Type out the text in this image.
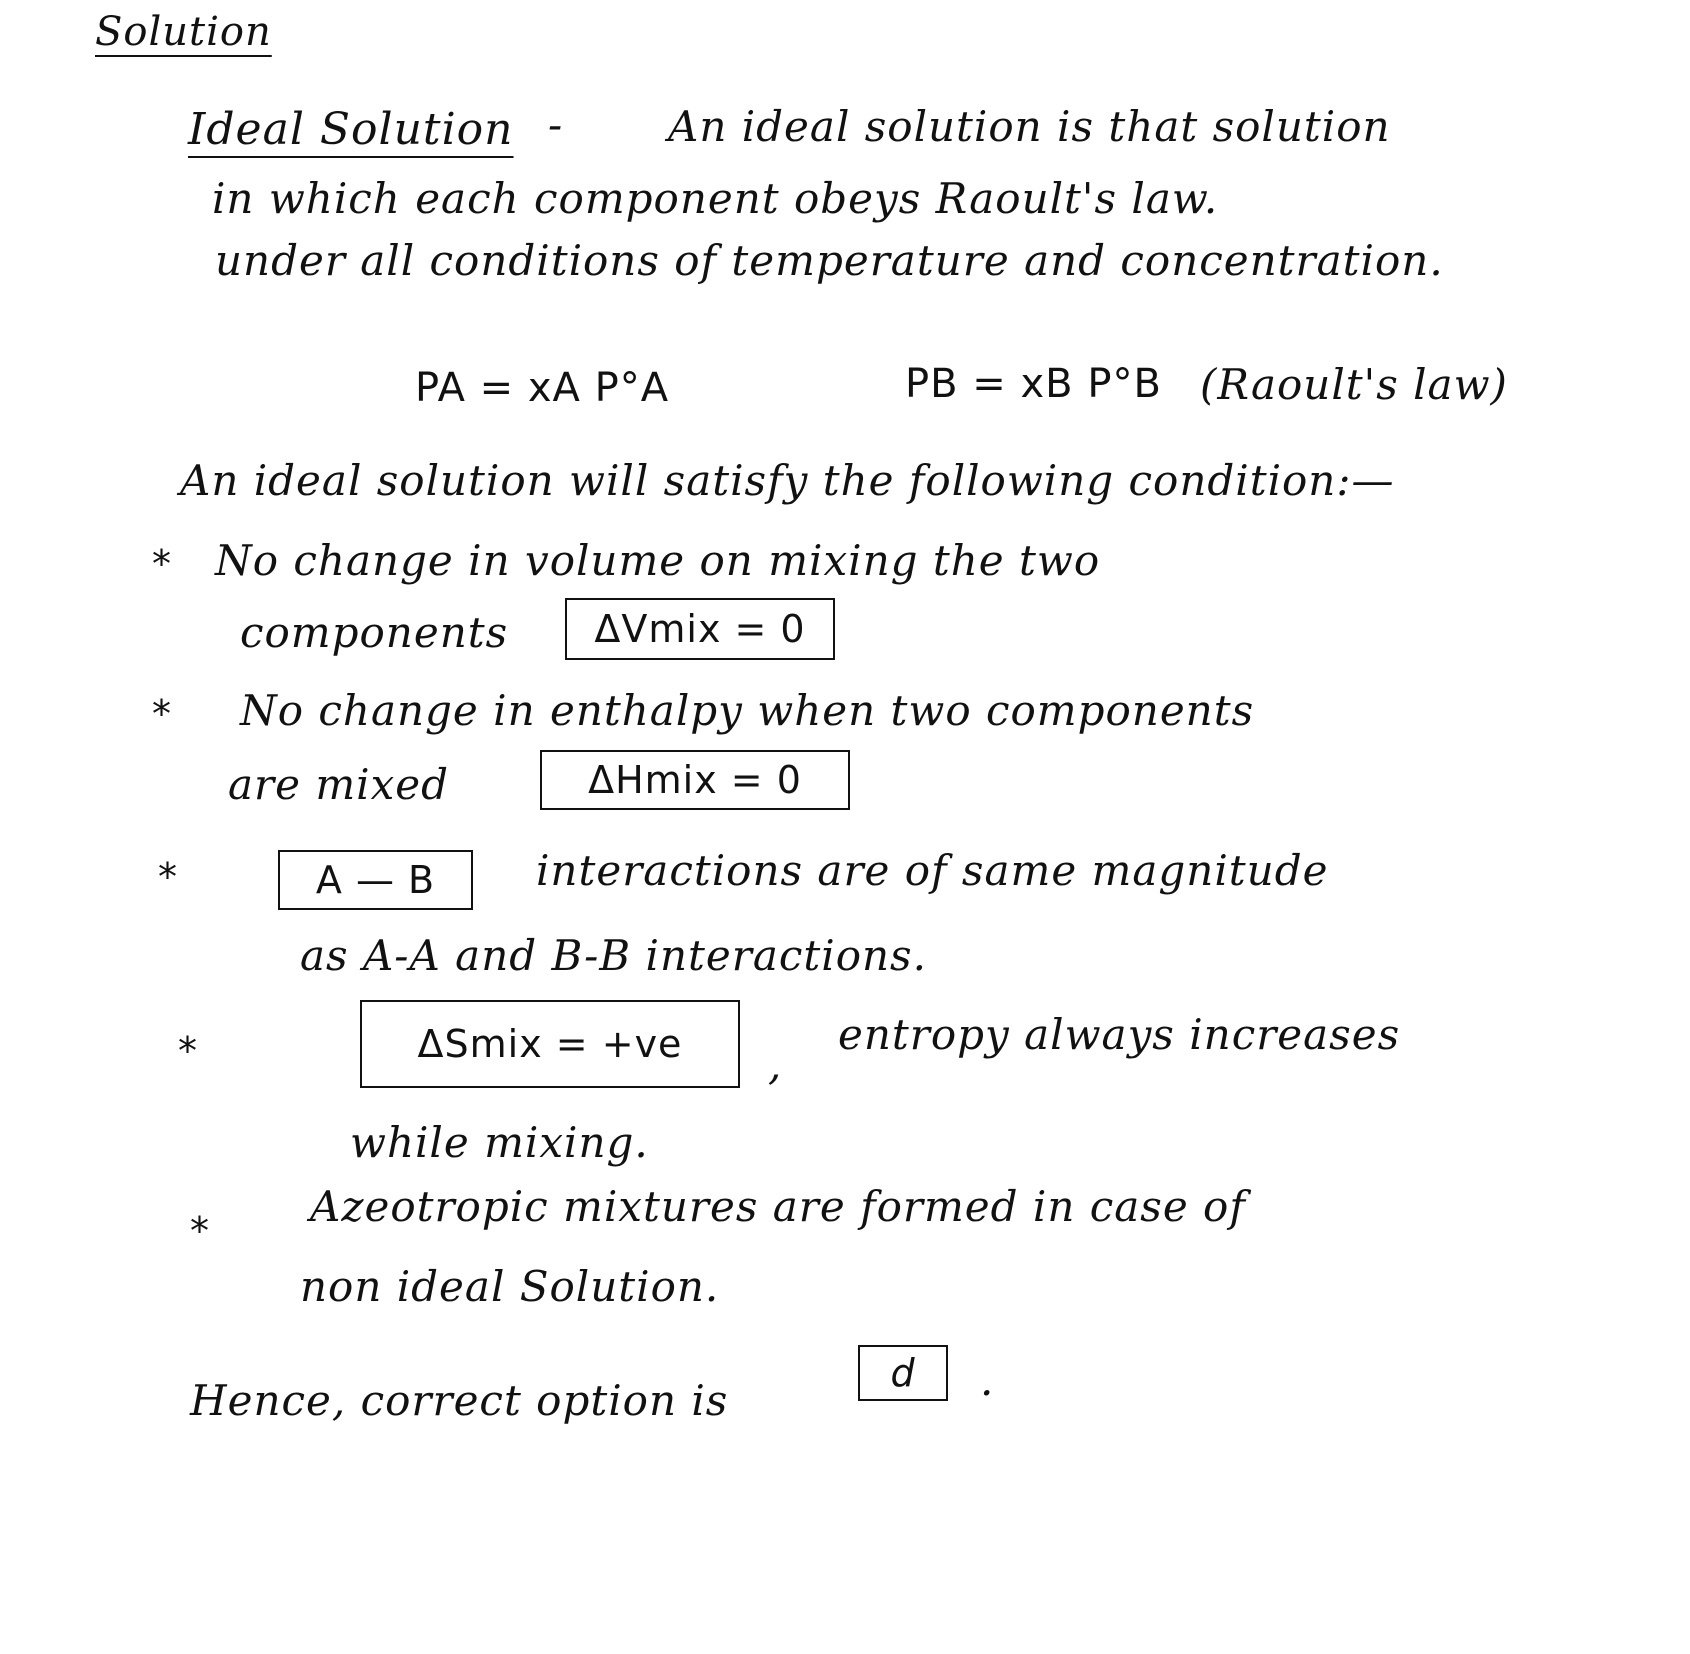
Solution
Ideal Solution - An ideal solution is that solution
in which each component obeys Raoult's law.
under all conditions of temperature and concentration.
PA = xA P°A	PB = xB P°B (Raoult's law)
An ideal solution will satisfy the following condition:—
* No change in volume on mixing the two
components	ΔVmix = 0
* No change in enthalpy when two components
are mixed	ΔHmix = 0
*	A — B	interactions are of same magnitude
as A-A and B-B interactions.
*	ΔSmix = +ve	,
entropy always increases
while mixing.
* Azeotropic mixtures are formed in case of
non ideal Solution.
Hence, correct option is
d	.
